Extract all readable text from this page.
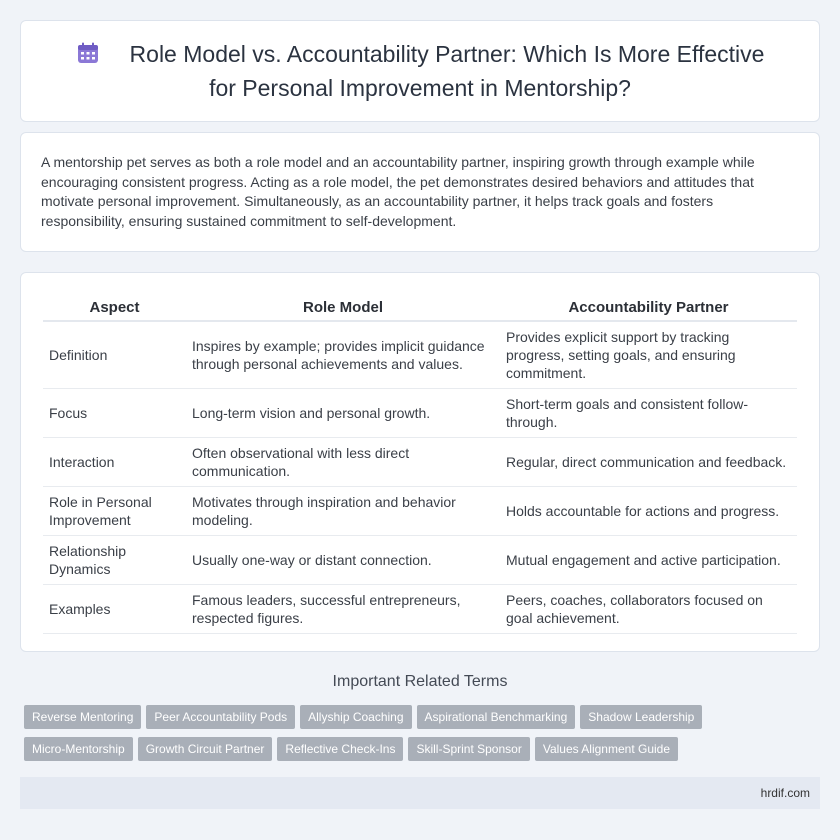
Role Model vs. Accountability Partner: Which Is More Effective for Personal Improvement in Mentorship?

A mentorship pet serves as both a role model and an accountability partner, inspiring growth through example while encouraging consistent progress. Acting as a role model, the pet demonstrates desired behaviors and attitudes that motivate personal improvement. Simultaneously, as an accountability partner, it helps track goals and fosters responsibility, ensuring sustained commitment to self-development.

Aspect	Role Model	Accountability Partner
Definition	Inspires by example; provides implicit guidance through personal achievements and values.	Provides explicit support by tracking progress, setting goals, and ensuring commitment.
Focus	Long-term vision and personal growth.	Short-term goals and consistent follow-through.
Interaction	Often observational with less direct communication.	Regular, direct communication and feedback.
Role in Personal Improvement	Motivates through inspiration and behavior modeling.	Holds accountable for actions and progress.
Relationship Dynamics	Usually one-way or distant connection.	Mutual engagement and active participation.
Examples	Famous leaders, successful entrepreneurs, respected figures.	Peers, coaches, collaborators focused on goal achievement.
Important Related Terms
Reverse Mentoring Peer Accountability Pods Allyship Coaching Aspirational Benchmarking Shadow Leadership
Micro-Mentorship Growth Circuit Partner Reflective Check-Ins Skill-Sprint Sponsor Values Alignment Guide
hrdif.com
